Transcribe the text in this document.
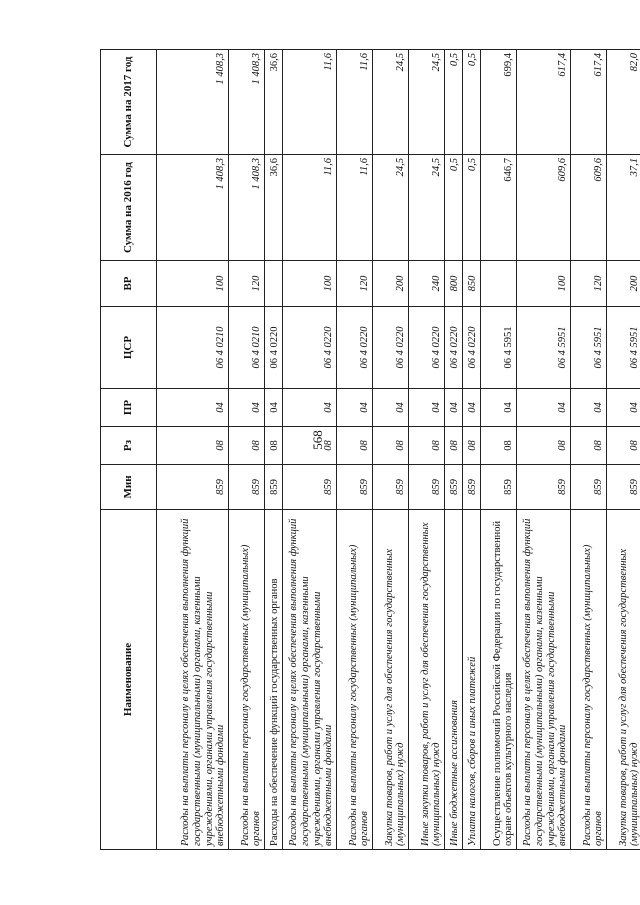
568
Наименование	Мин	Рз	ПР	ЦСР	ВР	Сумма на 2016 год	Сумма на 2017 год
Расходы на выплаты персоналу в целях обеспечения выполнения функций государственными (муниципальными) органами, казенными учреждениями, органами управления государственными внебюджетными фондами	859	08	04	06 4 0210	100	1 408,3	1 408,3
Расходы на выплаты персоналу государственных (муниципальных) органов	859	08	04	06 4 0210	120	1 408,3	1 408,3
Расходы на обеспечение функций государственных органов	859	08	04	06 4 0220		36,6	36,6
Расходы на выплаты персоналу в целях обеспечения выполнения функций государственными (муниципальными) органами, казенными учреждениями, органами управления государственными внебюджетными фондами	859	08	04	06 4 0220	100	11,6	11,6
Расходы на выплаты персоналу государственных (муниципальных) органов	859	08	04	06 4 0220	120	11,6	11,6
Закупка товаров, работ и услуг для обеспечения государственных (муниципальных) нужд	859	08	04	06 4 0220	200	24,5	24,5
Иные закупки товаров, работ и услуг для обеспечения государственных (муниципальных) нужд	859	08	04	06 4 0220	240	24,5	24,5
Иные бюджетные ассигнования	859	08	04	06 4 0220	800	0,5	0,5
Уплата налогов, сборов и иных платежей	859	08	04	06 4 0220	850	0,5	0,5
Осуществление полномочий Российской Федерации по государственной охране объектов культурного наследия	859	08	04	06 4 5951		646,7	699,4
Расходы на выплаты персоналу в целях обеспечения выполнения функций государственными (муниципальными) органами, казенными учреждениями, органами управления государственными внебюджетными фондами	859	08	04	06 4 5951	100	609,6	617,4
Расходы на выплаты персоналу государственных (муниципальных) органов	859	08	04	06 4 5951	120	609,6	617,4
Закупка товаров, работ и услуг для обеспечения государственных (муниципальных) нужд	859	08	04	06 4 5951	200	37,1	82,0
